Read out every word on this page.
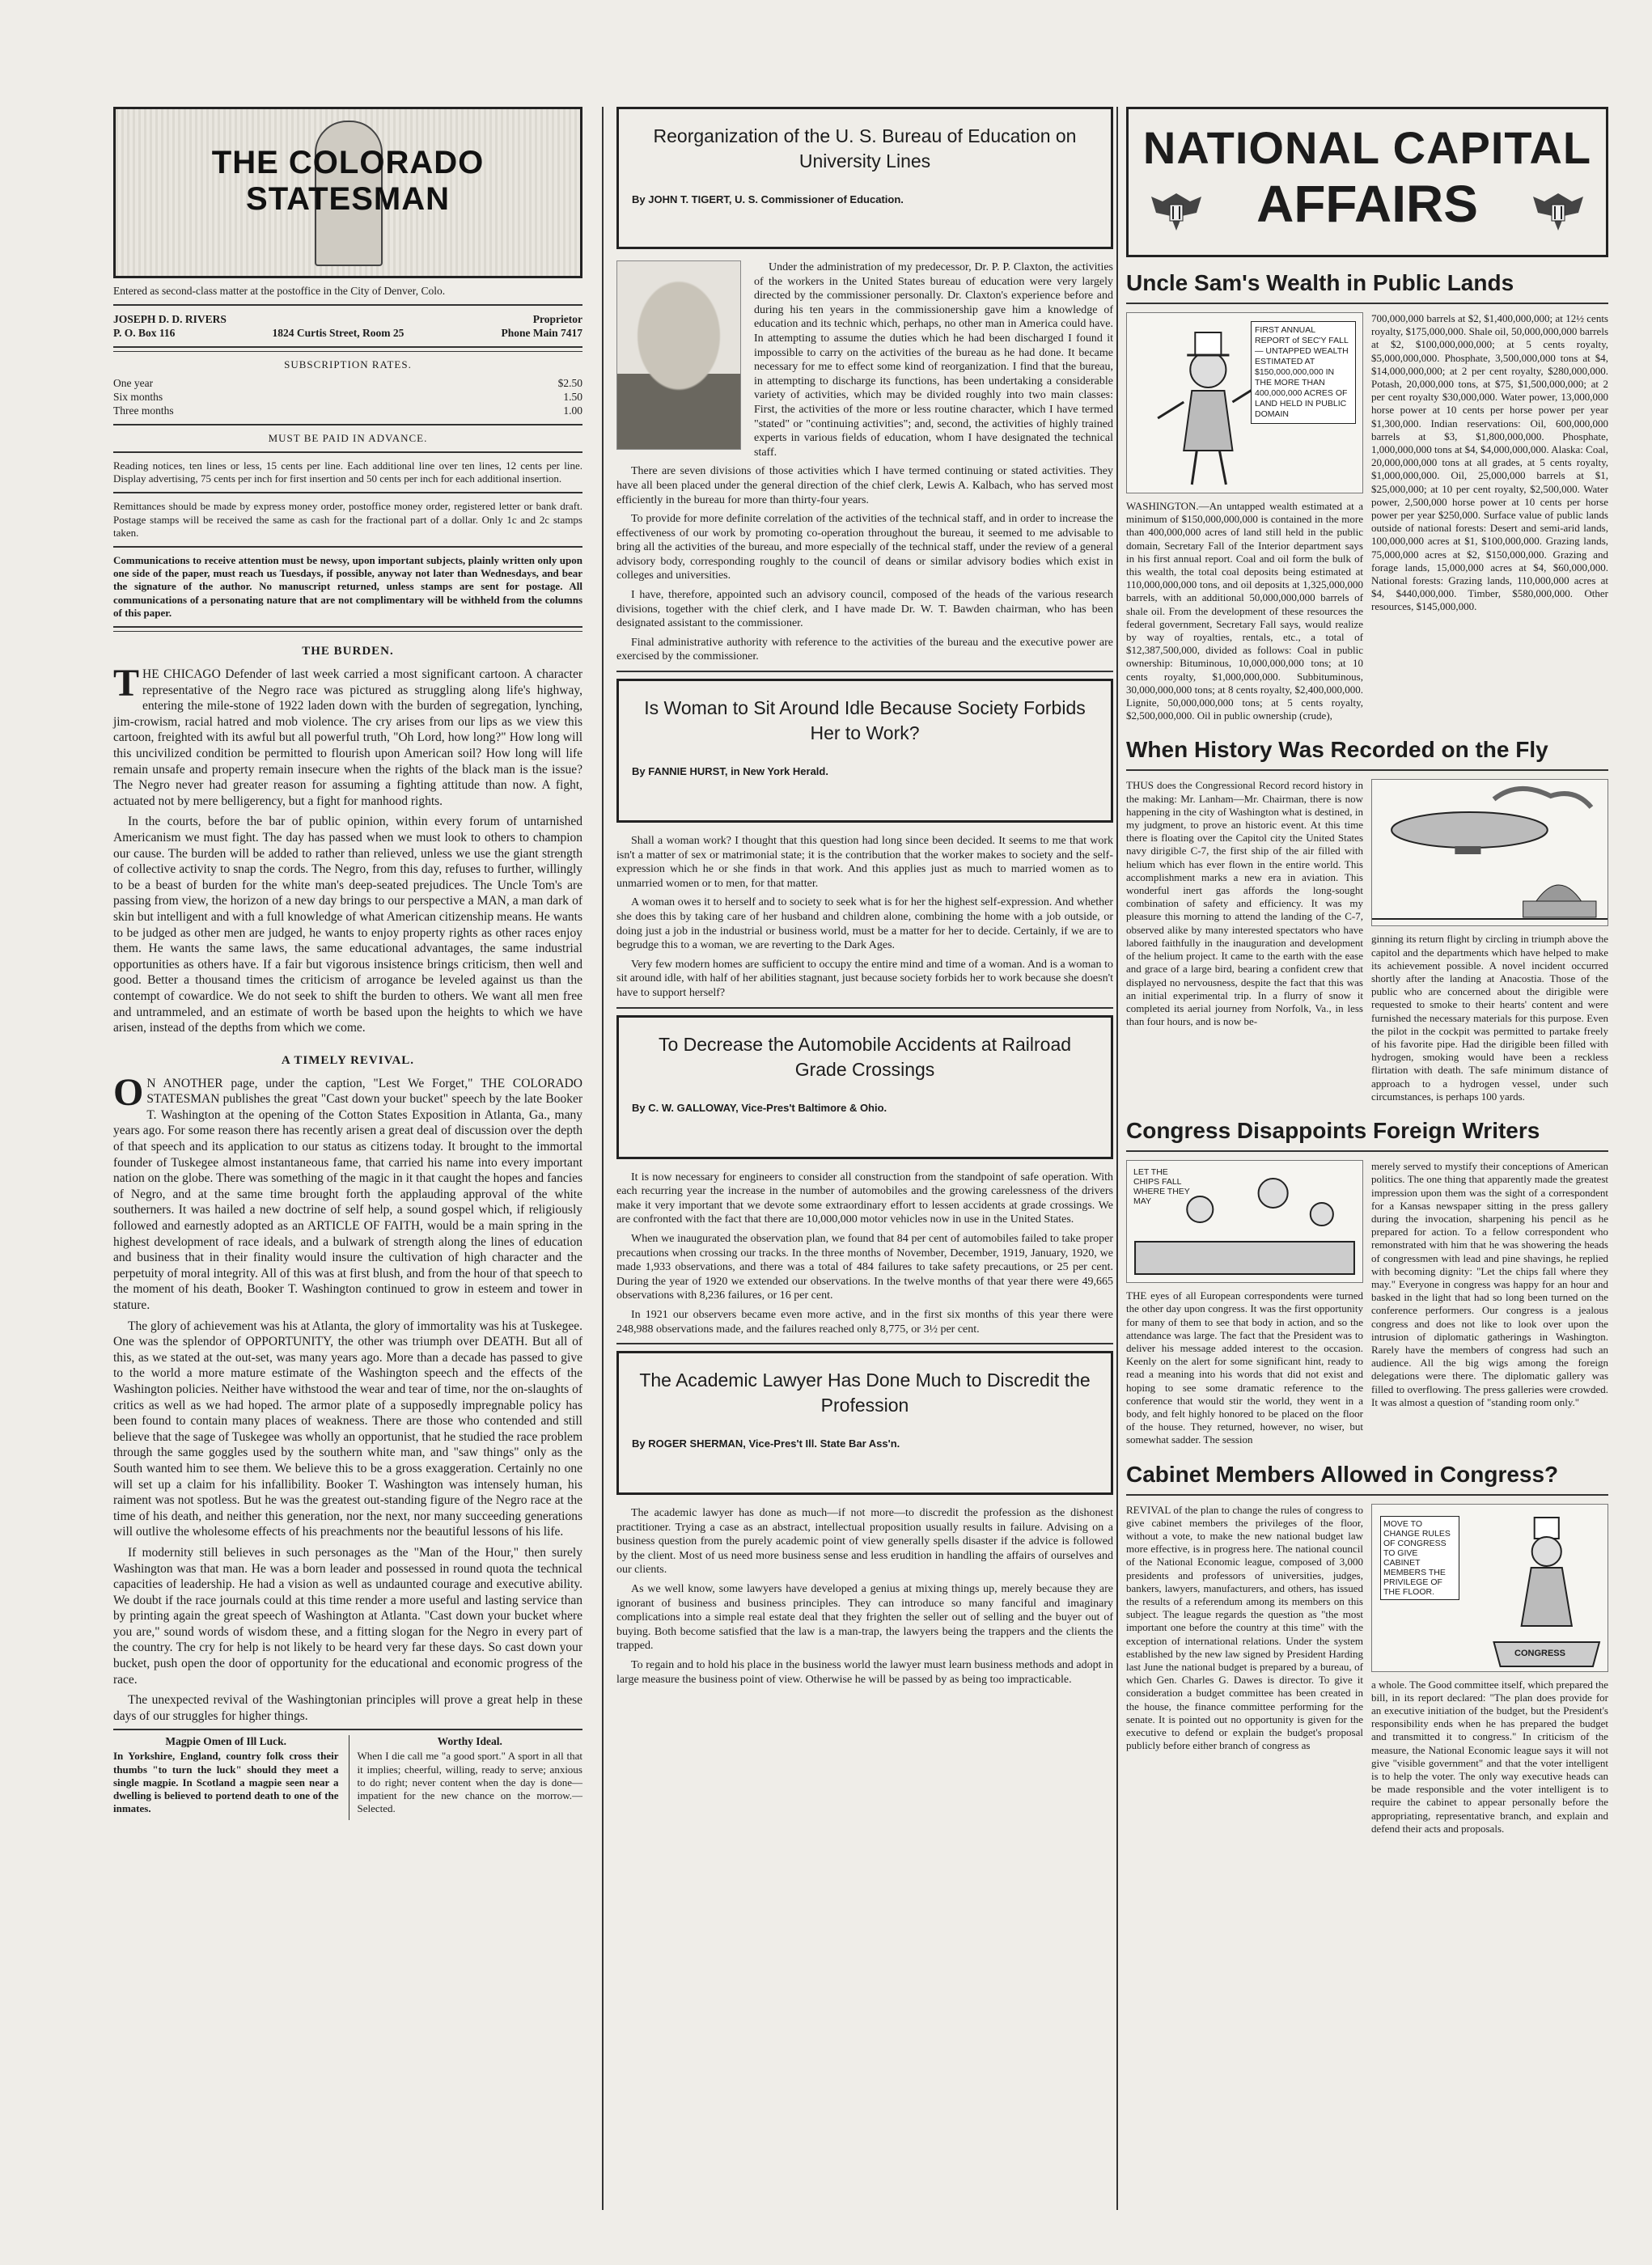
THE COLORADO STATESMAN
Entered as second-class matter at the postoffice in the City of Denver, Colo.
JOSEPH D. D. RIVERS	Proprietor
P. O. Box 116	1824 Curtis Street, Room 25	Phone Main 7417
SUBSCRIPTION RATES.
One year	$2.50
Six months	1.50
Three months	1.00
MUST BE PAID IN ADVANCE.

Reading notices, ten lines or less, 15 cents per line. Each additional line over ten lines, 12 cents per line. Display advertising, 75 cents per inch for first insertion and 50 cents per inch for each additional insertion.

Remittances should be made by express money order, postoffice money order, registered letter or bank draft. Postage stamps will be received the same as cash for the fractional part of a dollar. Only 1c and 2c stamps taken.

Communications to receive attention must be newsy, upon important subjects, plainly written only upon one side of the paper, must reach us Tuesdays, if possible, anyway not later than Wednesdays, and bear the signature of the author. No manuscript returned, unless stamps are sent for postage. All communications of a personating nature that are not complimentary will be withheld from the columns of this paper.

THE BURDEN.

THE CHICAGO Defender of last week carried a most significant cartoon. A character representative of the Negro race was pictured as struggling along life's highway, entering the mile-stone of 1922 laden down with the burden of segregation, lynching, jim-crowism, racial hatred and mob violence. The cry arises from our lips as we view this cartoon, freighted with its awful but all powerful truth, "Oh Lord, how long?" How long will this uncivilized condition be permitted to flourish upon American soil? How long will life remain unsafe and property remain insecure when the rights of the black man is the issue? The Negro never had greater reason for assuming a fighting attitude than now. A fight, actuated not by mere belligerency, but a fight for manhood rights.

In the courts, before the bar of public opinion, within every forum of untarnished Americanism we must fight. The day has passed when we must look to others to champion our cause. The burden will be added to rather than relieved, unless we use the giant strength of collective activity to snap the cords. The Negro, from this day, refuses to further, willingly to be a beast of burden for the white man's deep-seated prejudices. The Uncle Tom's are passing from view, the horizon of a new day brings to our perspective a MAN, a man dark of skin but intelligent and with a full knowledge of what American citizenship means. He wants to be judged as other men are judged, he wants to enjoy property rights as other races enjoy them. He wants the same laws, the same educational advantages, the same industrial opportunities as others have. If a fair but vigorous insistence brings criticism, then well and good. Better a thousand times the criticism of arrogance be leveled against us than the contempt of cowardice. We do not seek to shift the burden to others. We want all men free and untrammeled, and an estimate of worth be based upon the heights to which we have arisen, instead of the depths from which we come.

A TIMELY REVIVAL.

ON ANOTHER page, under the caption, "Lest We Forget," THE COLORADO STATESMAN publishes the great "Cast down your bucket" speech by the late Booker T. Washington at the opening of the Cotton States Exposition in Atlanta, Ga., many years ago. For some reason there has recently arisen a great deal of discussion over the depth of that speech and its application to our status as citizens today. It brought to the immortal founder of Tuskegee almost instantaneous fame, that carried his name into every important nation on the globe. There was something of the magic in it that caught the hopes and fancies of Negro, and at the same time brought forth the applauding approval of the white southerners. It was hailed a new doctrine of self help, a sound gospel which, if religiously followed and earnestly adopted as an ARTICLE OF FAITH, would be a main spring in the highest development of race ideals, and a bulwark of strength along the lines of education and business that in their finality would insure the cultivation of high character and the perpetuity of moral integrity. All of this was at first blush, and from the hour of that speech to the moment of his death, Booker T. Washington continued to grow in esteem and tower in stature.

The glory of achievement was his at Atlanta, the glory of immortality was his at Tuskegee. One was the splendor of OPPORTUNITY, the other was triumph over DEATH. But all of this, as we stated at the out-set, was many years ago. More than a decade has passed to give to the world a more mature estimate of the Washington speech and the effects of the Washington policies. Neither have withstood the wear and tear of time, nor the on-slaughts of critics as well as we had hoped. The armor plate of a supposedly impregnable policy has been found to contain many places of weakness. There are those who contended and still believe that the sage of Tuskegee was wholly an opportunist, that he studied the race problem through the same goggles used by the southern white man, and "saw things" only as the South wanted him to see them. We believe this to be a gross exaggeration. Certainly no one will set up a claim for his infallibility. Booker T. Washington was intensely human, his raiment was not spotless. But he was the greatest out-standing figure of the Negro race at the time of his death, and neither this generation, nor the next, nor many succeeding generations will outlive the wholesome effects of his preachments nor the beautiful lessons of his life.

If modernity still believes in such personages as the "Man of the Hour," then surely Washington was that man. He was a born leader and possessed in round quota the technical capacities of leadership. He had a vision as well as undaunted courage and executive ability. We doubt if the race journals could at this time render a more useful and lasting service than by printing again the great speech of Washington at Atlanta. "Cast down your bucket where you are," sound words of wisdom these, and a fitting slogan for the Negro in every part of the country. The cry for help is not likely to be heard very far these days. So cast down your bucket, push open the door of opportunity for the educational and economic progress of the race.

The unexpected revival of the Washingtonian principles will prove a great help in these days of our struggles for higher things.

Magpie Omen of Ill Luck.

In Yorkshire, England, country folk cross their thumbs "to turn the luck" should they meet a single magpie. In Scotland a magpie seen near a dwelling is believed to portend death to one of the inmates.

Worthy Ideal.

When I die call me "a good sport." A sport in all that it implies; cheerful, willing, ready to serve; anxious to do right; never content when the day is done—impatient for the new chance on the morrow.—Selected.

Reorganization of the U. S. Bureau of Education on University Lines
By JOHN T. TIGERT, U. S. Commissioner of Education.

Under the administration of my predecessor, Dr. P. P. Claxton, the activities of the workers in the United States bureau of education were very largely directed by the commissioner personally. Dr. Claxton's experience before and during his ten years in the commissionership gave him a knowledge of education and its technic which, perhaps, no other man in America could have. In attempting to assume the duties which he had been discharged I found it impossible to carry on the activities of the bureau as he had done. It became necessary for me to effect some kind of reorganization. I find that the bureau, in attempting to discharge its functions, has been undertaking a considerable variety of activities, which may be divided roughly into two main classes: First, the activities of the more or less routine character, which I have termed "stated" or "continuing activities"; and, second, the activities of highly trained experts in various fields of education, whom I have designated the technical staff.

There are seven divisions of those activities which I have termed continuing or stated activities. They have all been placed under the general direction of the chief clerk, Lewis A. Kalbach, who has served most efficiently in the bureau for more than thirty-four years.

To provide for more definite correlation of the activities of the technical staff, and in order to increase the effectiveness of our work by promoting co-operation throughout the bureau, it seemed to me advisable to bring all the activities of the bureau, and more especially of the technical staff, under the review of a general advisory body, corresponding roughly to the council of deans or similar advisory bodies which exist in colleges and universities.

I have, therefore, appointed such an advisory council, composed of the heads of the various research divisions, together with the chief clerk, and I have made Dr. W. T. Bawden chairman, who has been designated assistant to the commissioner.

Final administrative authority with reference to the activities of the bureau and the executive power are exercised by the commissioner.

Is Woman to Sit Around Idle Because Society Forbids Her to Work?
By FANNIE HURST, in New York Herald.

Shall a woman work? I thought that this question had long since been decided. It seems to me that work isn't a matter of sex or matrimonial state; it is the contribution that the worker makes to society and the self-expression which he or she finds in that work. And this applies just as much to married women as to unmarried women or to men, for that matter.

A woman owes it to herself and to society to seek what is for her the highest self-expression. And whether she does this by taking care of her husband and children alone, combining the home with a job outside, or doing just a job in the industrial or business world, must be a matter for her to decide. Certainly, if we are to begrudge this to a woman, we are reverting to the Dark Ages.

Very few modern homes are sufficient to occupy the entire mind and time of a woman. And is a woman to sit around idle, with half of her abilities stagnant, just because society forbids her to work because she doesn't have to support herself?

To Decrease the Automobile Accidents at Railroad Grade Crossings
By C. W. GALLOWAY, Vice-Pres't Baltimore & Ohio.

It is now necessary for engineers to consider all construction from the standpoint of safe operation. With each recurring year the increase in the number of automobiles and the growing carelessness of the drivers make it very important that we devote some extraordinary effort to lessen accidents at grade crossings. We are confronted with the fact that there are 10,000,000 motor vehicles now in use in the United States.

When we inaugurated the observation plan, we found that 84 per cent of automobiles failed to take proper precautions when crossing our tracks. In the three months of November, December, 1919, January, 1920, we made 1,933 observations, and there was a total of 484 failures to take safety precautions, or 25 per cent. During the year of 1920 we extended our observations. In the twelve months of that year there were 49,665 observations with 8,236 failures, or 16 per cent.

In 1921 our observers became even more active, and in the first six months of this year there were 248,988 observations made, and the failures reached only 8,775, or 3½ per cent.

The Academic Lawyer Has Done Much to Discredit the Profession
By ROGER SHERMAN, Vice-Pres't Ill. State Bar Ass'n.

The academic lawyer has done as much—if not more—to discredit the profession as the dishonest practitioner. Trying a case as an abstract, intellectual proposition usually results in failure. Advising on a business question from the purely academic point of view generally spells disaster if the advice is followed by the client. Most of us need more business sense and less erudition in handling the affairs of ourselves and our clients.

As we well know, some lawyers have developed a genius at mixing things up, merely because they are ignorant of business and business principles. They can introduce so many fanciful and imaginary complications into a simple real estate deal that they frighten the seller out of selling and the buyer out of buying. Both become satisfied that the law is a man-trap, the lawyers being the trappers and the clients the trapped.

To regain and to hold his place in the business world the lawyer must learn business methods and adopt in large measure the business point of view. Otherwise he will be passed by as being too impracticable.

NATIONAL CAPITAL
AFFAIRS
Uncle Sam's Wealth in Public Lands
FIRST ANNUAL REPORT of SEC'Y FALL — UNTAPPED WEALTH ESTIMATED AT $150,000,000,000 IN THE MORE THAN 400,000,000 ACRES OF LAND HELD IN PUBLIC DOMAIN

WASHINGTON.—An untapped wealth estimated at a minimum of $150,000,000,000 is contained in the more than 400,000,000 acres of land still held in the public domain, Secretary Fall of the Interior department says in his first annual report. Coal and oil form the bulk of this wealth, the total coal deposits being estimated at 110,000,000,000 tons, and oil deposits at 1,325,000,000 barrels, with an additional 50,000,000,000 barrels of shale oil. From the development of these resources the federal government, Secretary Fall says, would realize by way of royalties, rentals, etc., a total of $12,387,500,000, divided as follows: Coal in public ownership: Bituminous, 10,000,000,000 tons; at 10 cents royalty, $1,000,000,000. Subbituminous, 30,000,000,000 tons; at 8 cents royalty, $2,400,000,000. Lignite, 50,000,000,000 tons; at 5 cents royalty, $2,500,000,000. Oil in public ownership (crude),

700,000,000 barrels at $2, $1,400,000,000; at 12½ cents royalty, $175,000,000. Shale oil, 50,000,000,000 barrels at $2, $100,000,000,000; at 5 cents royalty, $5,000,000,000. Phosphate, 3,500,000,000 tons at $4, $14,000,000,000; at 2 per cent royalty, $280,000,000. Potash, 20,000,000 tons, at $75, $1,500,000,000; at 2 per cent royalty $30,000,000. Water power, 13,000,000 horse power at 10 cents per horse power per year $1,300,000. Indian reservations: Oil, 600,000,000 barrels at $3, $1,800,000,000. Phosphate, 1,000,000,000 tons at $4, $4,000,000,000. Alaska: Coal, 20,000,000,000 tons at all grades, at 5 cents royalty, $1,000,000,000. Oil, 25,000,000 barrels at $1, $25,000,000; at 10 per cent royalty, $2,500,000. Water power, 2,500,000 horse power at 10 cents per horse power per year $250,000. Surface value of public lands outside of national forests: Desert and semi-arid lands, 100,000,000 acres at $1, $100,000,000. Grazing lands, 75,000,000 acres at $2, $150,000,000. Grazing and forage lands, 15,000,000 acres at $4, $60,000,000. National forests: Grazing lands, 110,000,000 acres at $4, $440,000,000. Timber, $580,000,000. Other resources, $145,000,000.

When History Was Recorded on the Fly

THUS does the Congressional Record record history in the making: Mr. Lanham—Mr. Chairman, there is now happening in the city of Washington what is destined, in my judgment, to prove an historic event. At this time there is floating over the Capitol city the United States navy dirigible C-7, the first ship of the air filled with helium which has ever flown in the entire world. This accomplishment marks a new era in aviation. This wonderful inert gas affords the long-sought combination of safety and efficiency. It was my pleasure this morning to attend the landing of the C-7, observed alike by many interested spectators who have labored faithfully in the inauguration and development of the helium project. It came to the earth with the ease and grace of a large bird, bearing a confident crew that displayed no nervousness, despite the fact that this was an initial experimental trip. In a flurry of snow it completed its aerial journey from Norfolk, Va., in less than four hours, and is now be-

ginning its return flight by circling in triumph above the capitol and the departments which have helped to make its achievement possible. A novel incident occurred shortly after the landing at Anacostia. Those of the public who are concerned about the dirigible were requested to smoke to their hearts' content and were furnished the necessary materials for this purpose. Even the pilot in the cockpit was permitted to partake freely of his favorite pipe. Had the dirigible been filled with hydrogen, smoking would have been a reckless flirtation with death. The safe minimum distance of approach to a hydrogen vessel, under such circumstances, is perhaps 100 yards.

Congress Disappoints Foreign Writers
LET THE CHIPS FALL WHERE THEY MAY

THE eyes of all European correspondents were turned the other day upon congress. It was the first opportunity for many of them to see that body in action, and so the attendance was large. The fact that the President was to deliver his message added interest to the occasion. Keenly on the alert for some significant hint, ready to read a meaning into his words that did not exist and hoping to see some dramatic reference to the conference that would stir the world, they went in a body, and felt highly honored to be placed on the floor of the house. They returned, however, no wiser, but somewhat sadder. The session

merely served to mystify their conceptions of American politics. The one thing that apparently made the greatest impression upon them was the sight of a correspondent for a Kansas newspaper sitting in the press gallery during the invocation, sharpening his pencil as he prepared for action. To a fellow correspondent who remonstrated with him that he was showering the heads of congressmen with lead and pine shavings, he replied with becoming dignity: "Let the chips fall where they may." Everyone in congress was happy for an hour and basked in the light that had so long been turned on the conference performers. Our congress is a jealous congress and does not like to look over upon the intrusion of diplomatic gatherings in Washington. Rarely have the members of congress had such an audience. All the big wigs among the foreign delegations were there. The diplomatic gallery was filled to overflowing. The press galleries were crowded. It was almost a question of "standing room only."

Cabinet Members Allowed in Congress?

REVIVAL of the plan to change the rules of congress to give cabinet members the privileges of the floor, without a vote, to make the new national budget law more effective, is in progress here. The national council of the National Economic league, composed of 3,000 presidents and professors of universities, judges, bankers, lawyers, manufacturers, and others, has issued the results of a referendum among its members on this subject. The league regards the question as "the most important one before the country at this time" with the exception of international relations. Under the system established by the new law signed by President Harding last June the national budget is prepared by a bureau, of which Gen. Charles G. Dawes is director. To give it consideration a budget committee has been created in the house, the finance committee performing for the senate. It is pointed out no opportunity is given for the executive to defend or explain the budget's proposal publicly before either branch of congress as

MOVE TO CHANGE RULES OF CONGRESS TO GIVE CABINET MEMBERS THE PRIVILEGE OF THE FLOOR.
CONGRESS

a whole. The Good committee itself, which prepared the bill, in its report declared: "The plan does provide for an executive initiation of the budget, but the President's responsibility ends when he has prepared the budget and transmitted it to congress." In criticism of the measure, the National Economic league says it will not give "visible government" and that the voter intelligent is to help the voter. The only way executive heads can be made responsible and the voter intelligent is to require the cabinet to appear personally before the appropriating, representative branch, and explain and defend their acts and proposals.
